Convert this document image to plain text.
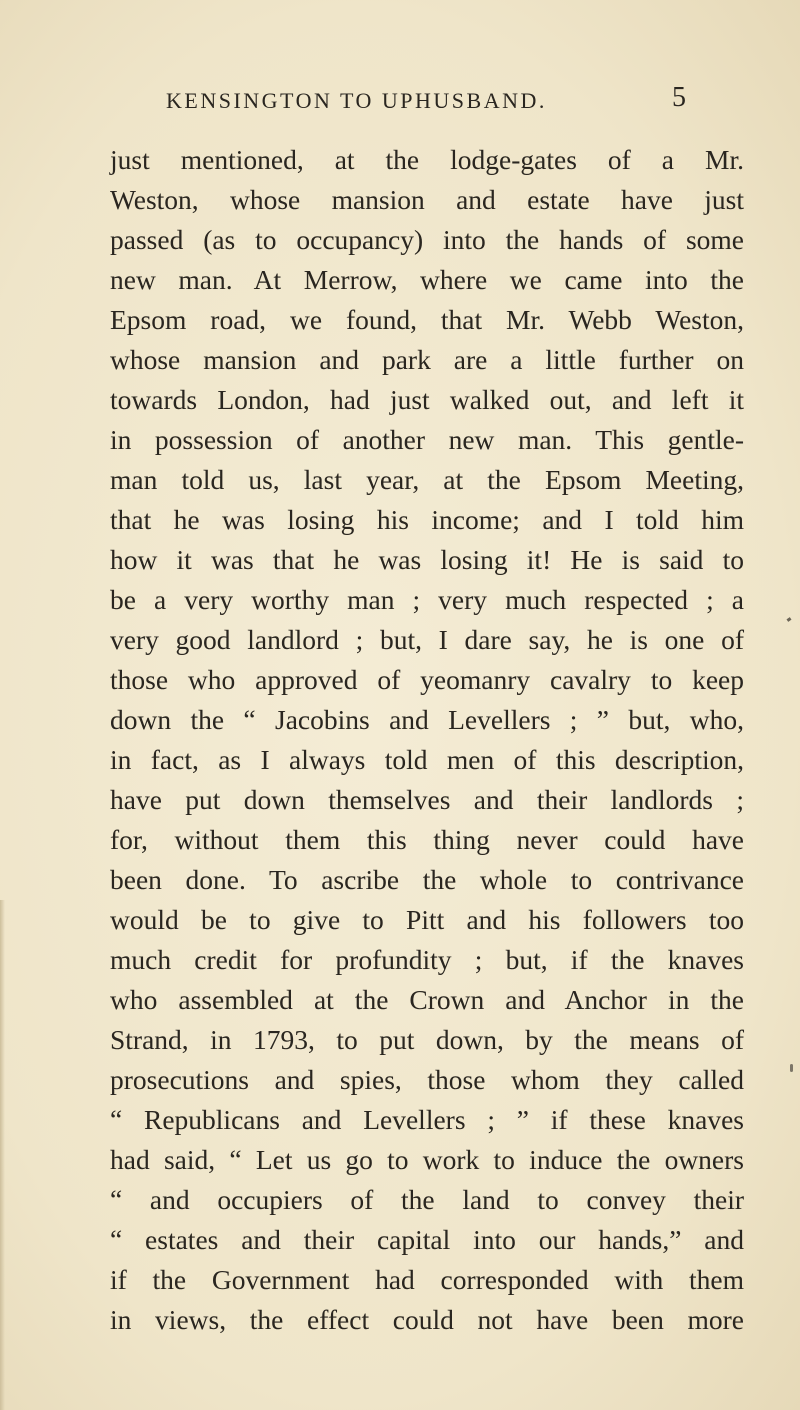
KENSINGTON TO UPHUSBAND.	5
just mentioned, at the lodge-gates of a Mr.
Weston, whose mansion and estate have just
passed (as to occupancy) into the hands of some
new man. At Merrow, where we came into the
Epsom road, we found, that Mr. Webb Weston,
whose mansion and park are a little further on
towards London, had just walked out, and left it
in possession of another new man. This gentle-
man told us, last year, at the Epsom Meeting,
that he was losing his income; and I told him
how it was that he was losing it! He is said to
be a very worthy man ; very much respected ; a
very good landlord ; but, I dare say, he is one of
those who approved of yeomanry cavalry to keep
down the “ Jacobins and Levellers ; ” but, who,
in fact, as I always told men of this description,
have put down themselves and their landlords ;
for, without them this thing never could have
been done. To ascribe the whole to contrivance
would be to give to Pitt and his followers too
much credit for profundity ; but, if the knaves
who assembled at the Crown and Anchor in the
Strand, in 1793, to put down, by the means of
prosecutions and spies, those whom they called
“ Republicans and Levellers ; ” if these knaves
had said, “ Let us go to work to induce the owners
“ and occupiers of the land to convey their
“ estates and their capital into our hands,” and
if the Government had corresponded with them
in views, the effect could not have been more
